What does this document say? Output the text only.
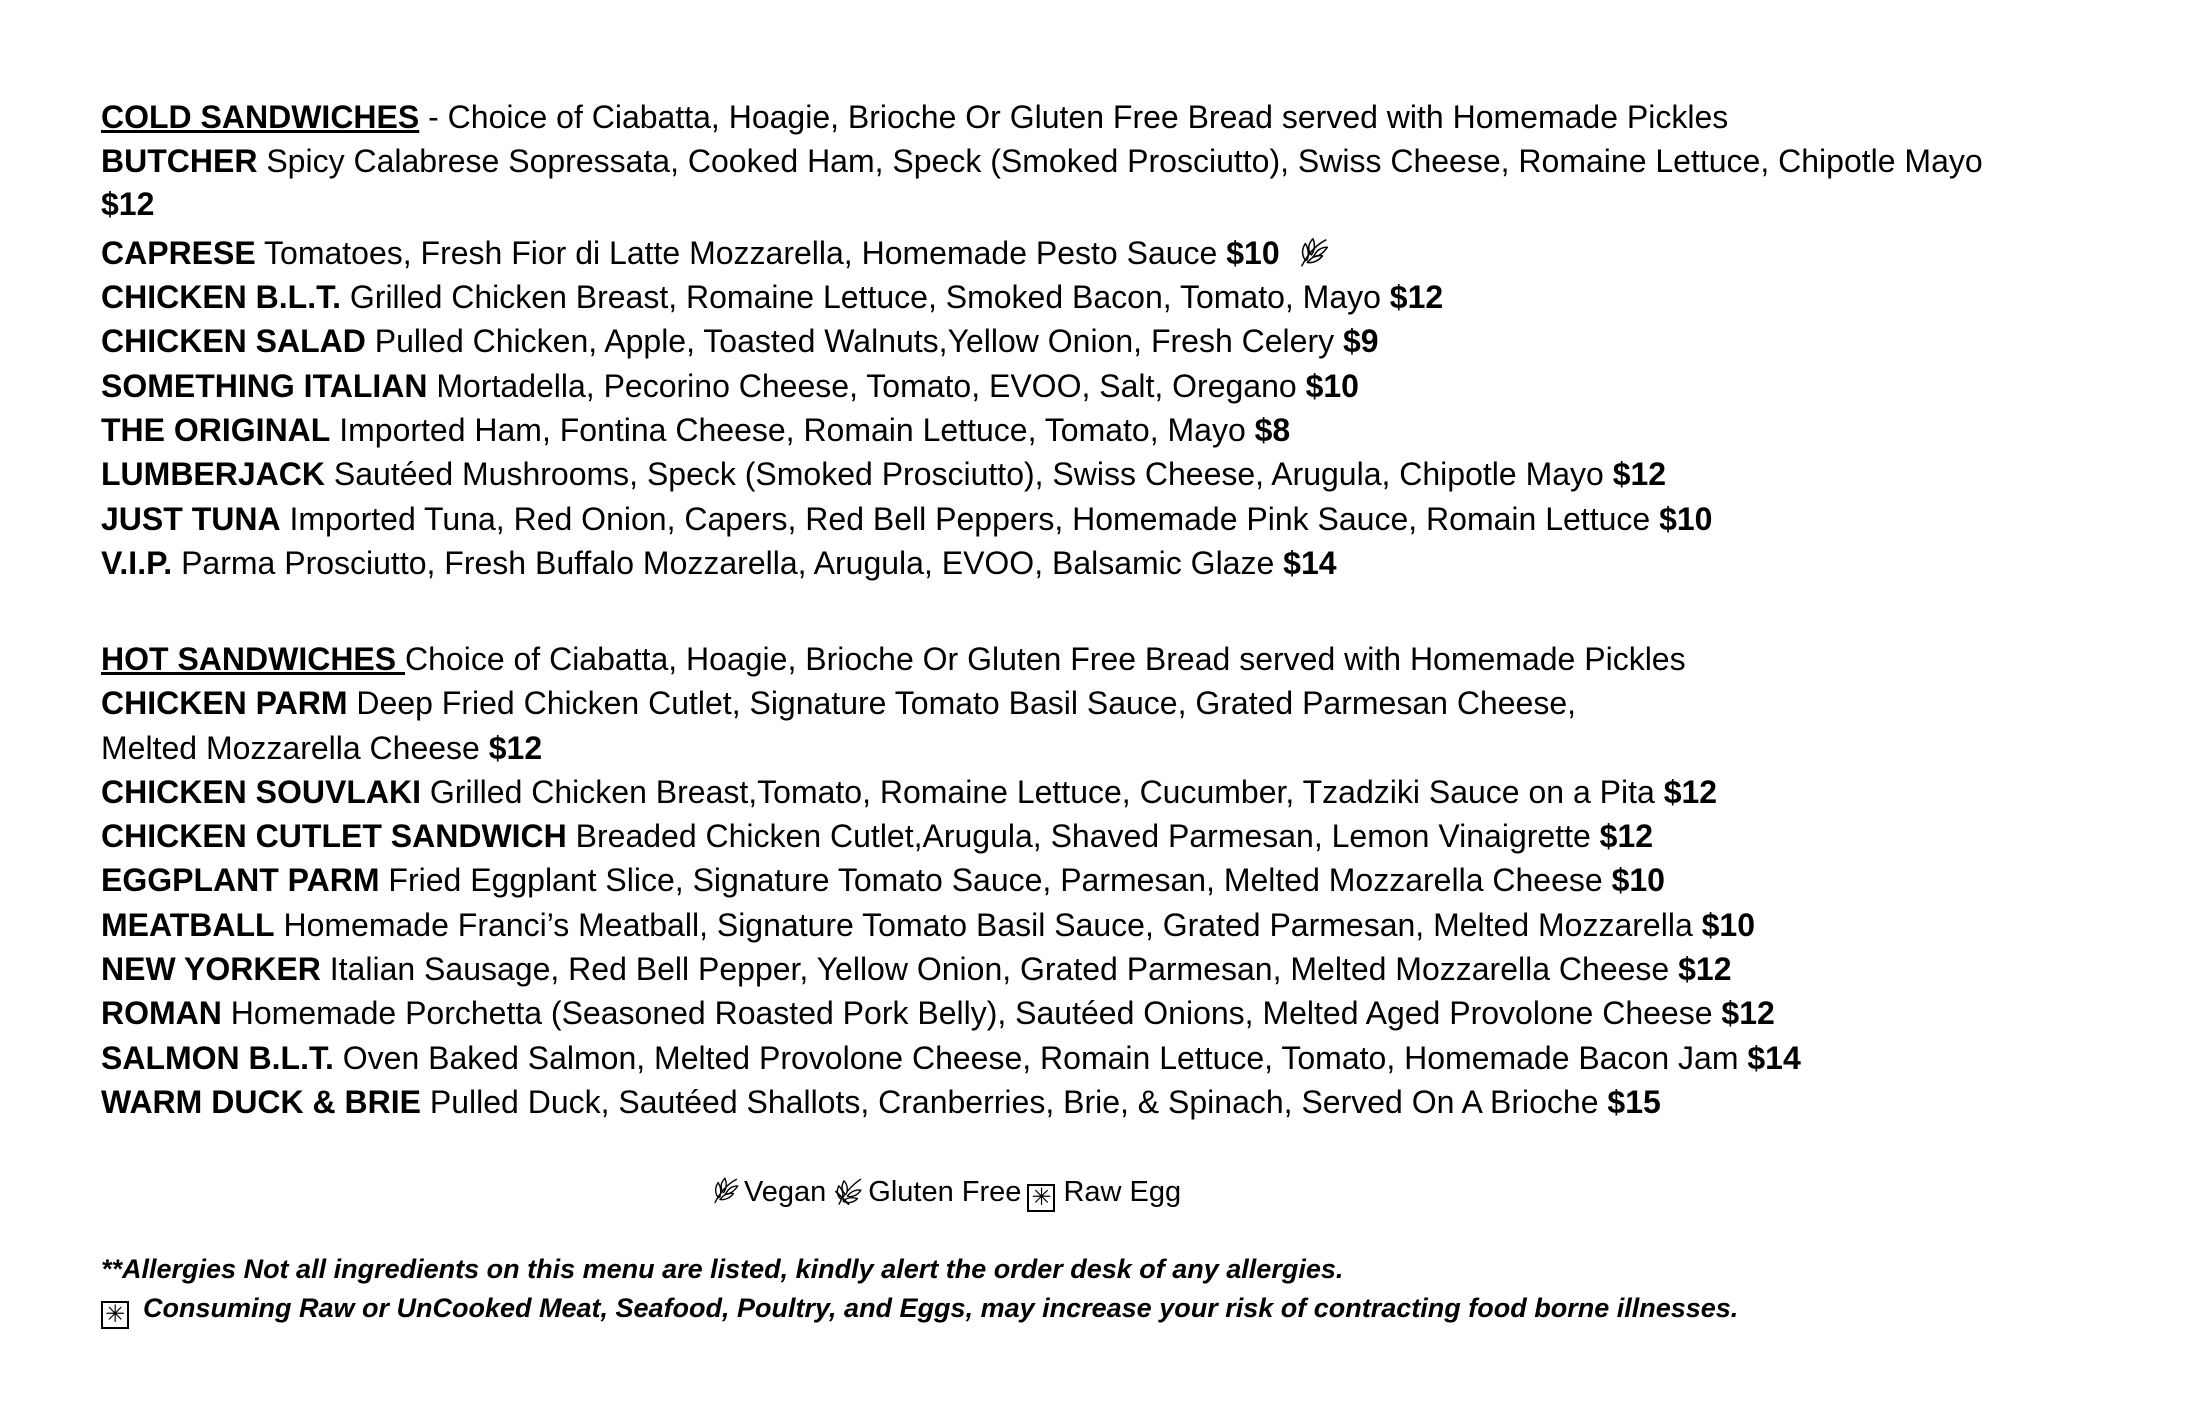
COLD SANDWICHES - Choice of Ciabatta, Hoagie, Brioche Or Gluten Free Bread served with Homemade Pickles
BUTCHER Spicy Calabrese Sopressata, Cooked Ham, Speck (Smoked Prosciutto), Swiss Cheese, Romaine Lettuce, Chipotle Mayo
$12
CAPRESE Tomatoes, Fresh Fior di Latte Mozzarella, Homemade Pesto Sauce $10
CHICKEN B.L.T. Grilled Chicken Breast, Romaine Lettuce, Smoked Bacon, Tomato, Mayo $12
CHICKEN SALAD Pulled Chicken, Apple, Toasted Walnuts,Yellow Onion, Fresh Celery $9
SOMETHING ITALIAN Mortadella, Pecorino Cheese, Tomato, EVOO, Salt, Oregano $10
THE ORIGINAL Imported Ham, Fontina Cheese, Romain Lettuce, Tomato, Mayo $8
LUMBERJACK Sautéed Mushrooms, Speck (Smoked Prosciutto), Swiss Cheese, Arugula, Chipotle Mayo $12
JUST TUNA Imported Tuna, Red Onion, Capers, Red Bell Peppers, Homemade Pink Sauce, Romain Lettuce $10
V.I.P. Parma Prosciutto, Fresh Buffalo Mozzarella, Arugula, EVOO, Balsamic Glaze $14
HOT SANDWICHES Choice of Ciabatta, Hoagie, Brioche Or Gluten Free Bread served with Homemade Pickles
CHICKEN PARM Deep Fried Chicken Cutlet, Signature Tomato Basil Sauce, Grated Parmesan Cheese,
Melted Mozzarella Cheese $12
CHICKEN SOUVLAKI Grilled Chicken Breast,Tomato, Romaine Lettuce, Cucumber, Tzadziki Sauce on a Pita $12
CHICKEN CUTLET SANDWICH Breaded Chicken Cutlet,Arugula, Shaved Parmesan, Lemon Vinaigrette $12
EGGPLANT PARM Fried Eggplant Slice, Signature Tomato Sauce, Parmesan, Melted Mozzarella Cheese $10
MEATBALL Homemade Franci’s Meatball, Signature Tomato Basil Sauce, Grated Parmesan, Melted Mozzarella $10
NEW YORKER Italian Sausage, Red Bell Pepper, Yellow Onion, Grated Parmesan, Melted Mozzarella Cheese $12
ROMAN Homemade Porchetta (Seasoned Roasted Pork Belly), Sautéed Onions, Melted Aged Provolone Cheese $12
SALMON B.L.T. Oven Baked Salmon, Melted Provolone Cheese, Romain Lettuce, Tomato, Homemade Bacon Jam $14
WARM DUCK & BRIE Pulled Duck, Sautéed Shallots, Cranberries, Brie, & Spinach, Served On A Brioche $15
Vegan Gluten Free ✳ Raw Egg
**Allergies Not all ingredients on this menu are listed, kindly alert the order desk of any allergies.
✳ Consuming Raw or UnCooked Meat, Seafood, Poultry, and Eggs, may increase your risk of contracting food borne illnesses.
